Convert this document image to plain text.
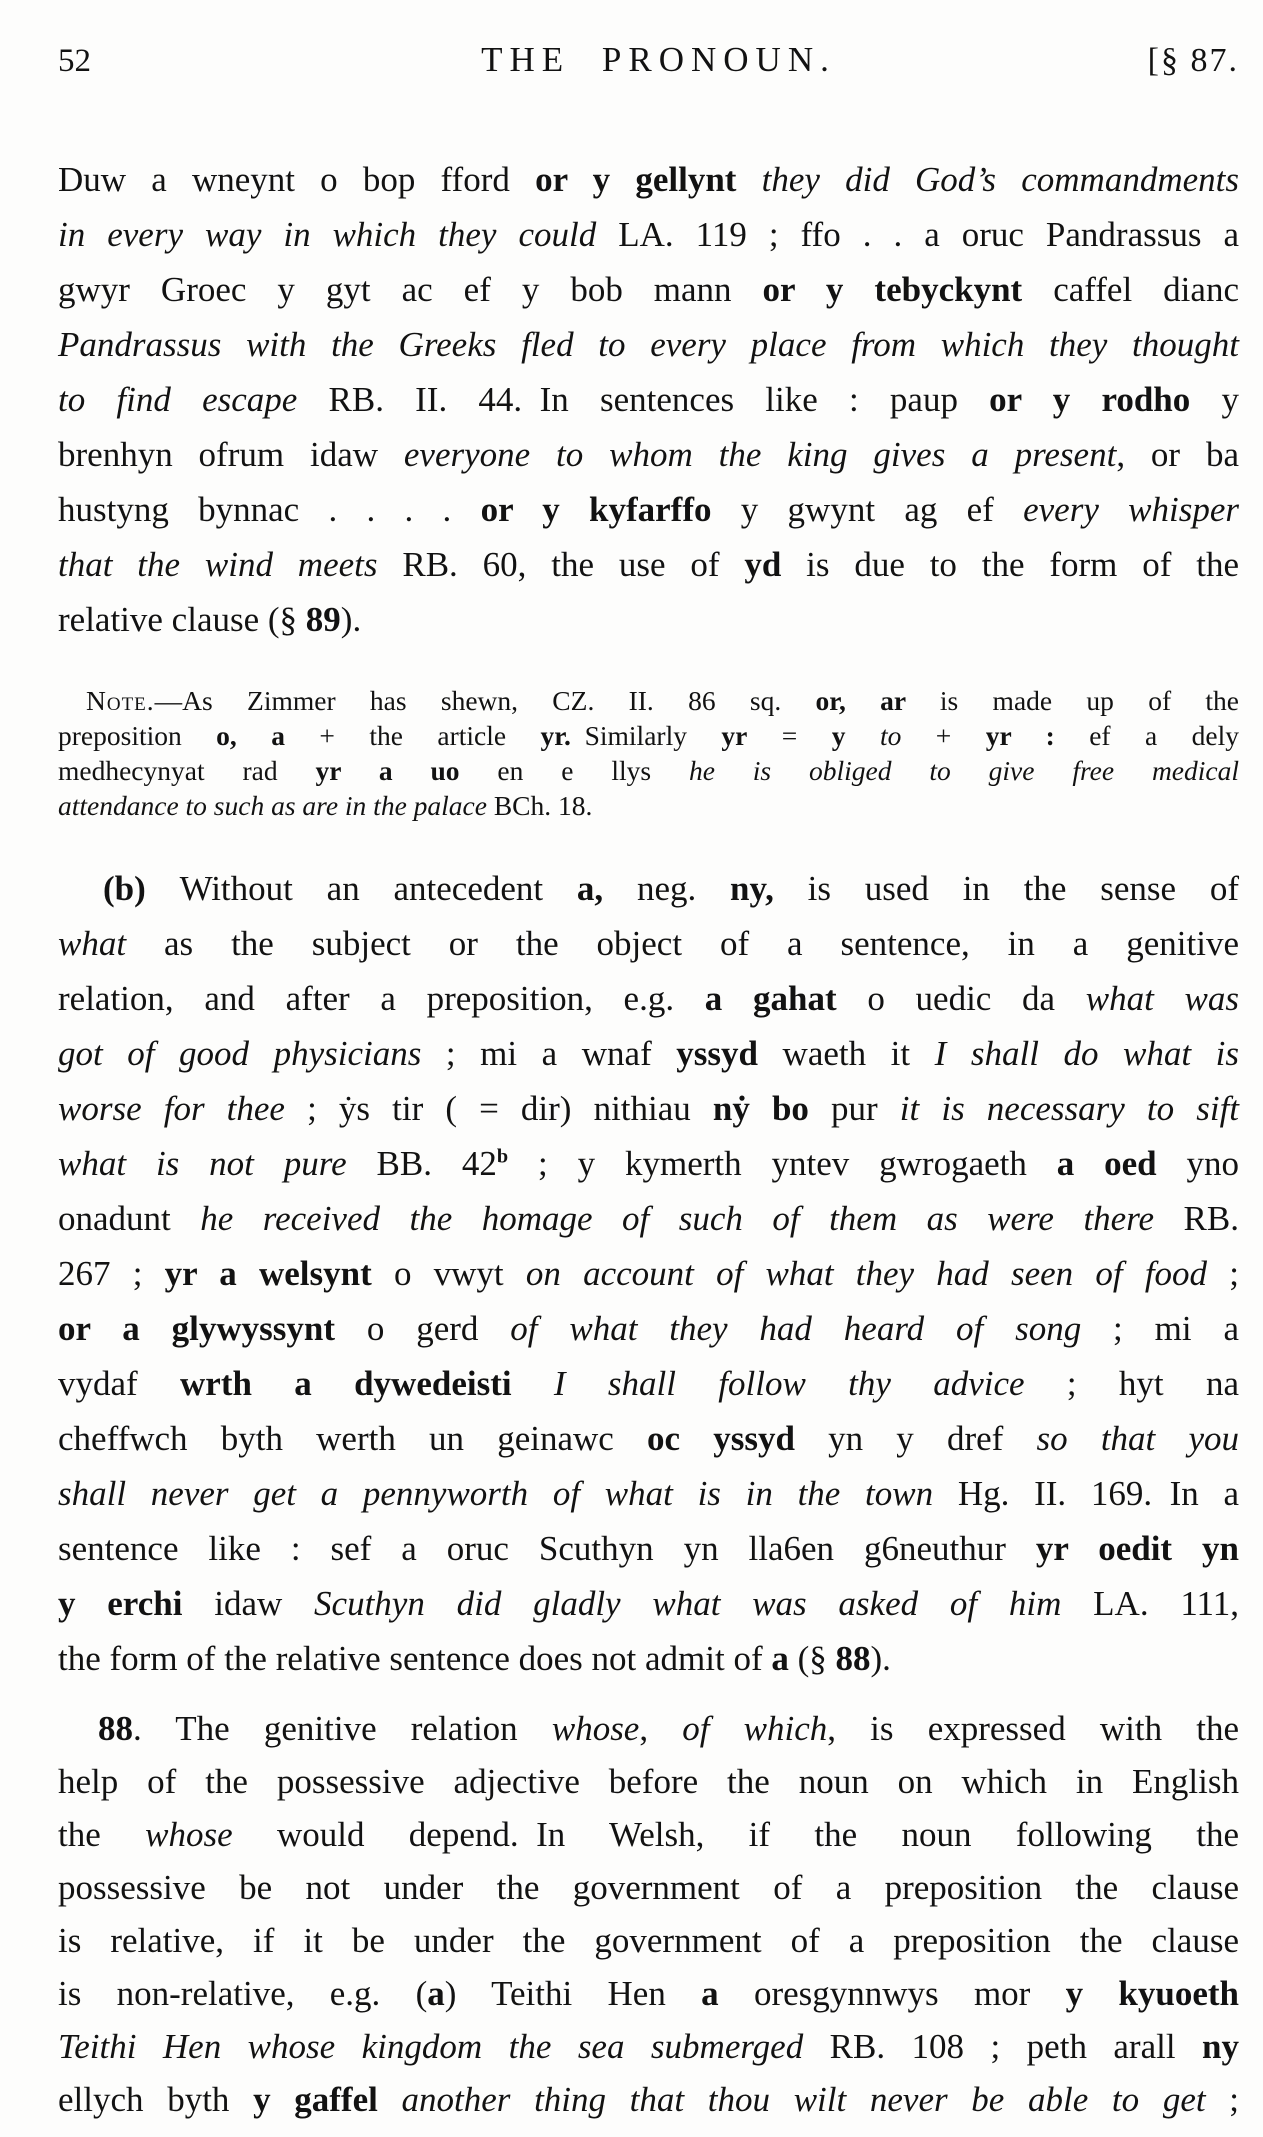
52	THE PRONOUN.	[§ 87.
Duw a wneynt o bop fford or y gellynt they did God’s commandments
in every way in which they could LA. 119 ; ffo . . a oruc Pandrassus a
gwyr Groec y gyt ac ef y bob mann or y tebyckynt caffel dianc
Pandrassus with the Greeks fled to every place from which they thought
to find escape RB. II. 44. In sentences like : paup or y rodho y
brenhyn ofrum idaw everyone to whom the king gives a present, or ba
hustyng bynnac . . . . or y kyfarffo y gwynt ag ef every whisper
that the wind meets RB. 60, the use of yd is due to the form of the
relative clause (§ 89).
Note.—As Zimmer has shewn, CZ. II. 86 sq. or, ar is made up of the
preposition o, a + the article yr. Similarly yr = y to + yr : ef a dely
medhecynyat rad yr a uo en e llys he is obliged to give free medical
attendance to such as are in the palace BCh. 18.
(b) Without an antecedent a, neg. ny, is used in the sense of
what as the subject or the object of a sentence, in a genitive
relation, and after a preposition, e.g. a gahat o uedic da what was
got of good physicians ; mi a wnaf yssyd waeth it I shall do what is
worse for thee ; ẏs tir ( = dir) nithiau nẏ bo pur it is necessary to sift
what is not pure BB. 42$^b$ ; y kymerth yntev gwrogaeth a oed yno
onadunt he received the homage of such of them as were there RB.
267 ; yr a welsynt o vwyt on account of what they had seen of food ;
or a glywyssynt o gerd of what they had heard of song ; mi a
vydaf wrth a dywedeisti I shall follow thy advice ; hyt na
cheffwch byth werth un geinawc oc yssyd yn y dref so that you
shall never get a pennyworth of what is in the town Hg. II. 169. In a
sentence like : sef a oruc Scuthyn yn lla6en g6neuthur yr oedit yn
y erchi idaw Scuthyn did gladly what was asked of him LA. 111,
the form of the relative sentence does not admit of a (§ 88).
88. The genitive relation whose, of which, is expressed with the
help of the possessive adjective before the noun on which in English
the whose would depend. In Welsh, if the noun following the
possessive be not under the government of a preposition the clause
is relative, if it be under the government of a preposition the clause
is non-relative, e.g. (a) Teithi Hen a oresgynnwys mor y kyuoeth
Teithi Hen whose kingdom the sea submerged RB. 108 ; peth arall ny
ellych byth y gaffel another thing that thou wilt never be able to get ;
